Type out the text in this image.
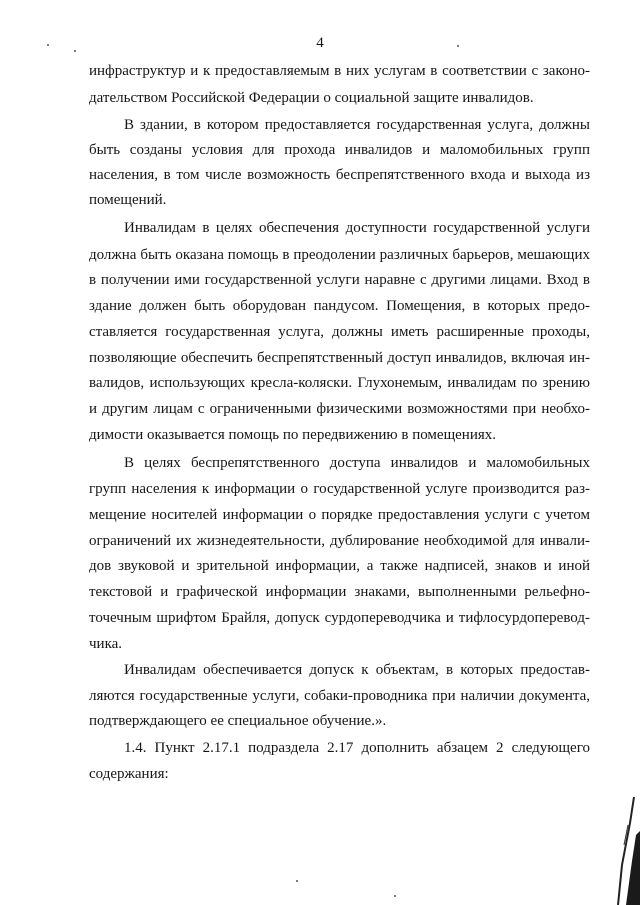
4
инфраструктур и к предоставляемым в них услугам в соответствии с законо-
дательством Российской Федерации о социальной защите инвалидов.
В здании, в котором предоставляется государственная услуга, должны
быть созданы условия для прохода инвалидов и маломобильных групп
населения, в том числе возможность беспрепятственного входа и выхода из
помещений.
Инвалидам в целях обеспечения доступности государственной услуги
должна быть оказана помощь в преодолении различных барьеров, мешающих
в получении ими государственной услуги наравне с другими лицами. Вход в
здание должен быть оборудован пандусом. Помещения, в которых предо-
ставляется государственная услуга, должны иметь расширенные проходы,
позволяющие обеспечить беспрепятственный доступ инвалидов, включая ин-
валидов, использующих кресла-коляски. Глухонемым, инвалидам по зрению
и другим лицам с ограниченными физическими возможностями при необхо-
димости оказывается помощь по передвижению в помещениях.
В целях беспрепятственного доступа инвалидов и маломобильных
групп населения к информации о государственной услуге производится раз-
мещение носителей информации о порядке предоставления услуги с учетом
ограничений их жизнедеятельности, дублирование необходимой для инвали-
дов звуковой и зрительной информации, а также надписей, знаков и иной
текстовой и графической информации знаками, выполненными рельефно-
точечным шрифтом Брайля, допуск сурдопереводчика и тифлосурдоперевод-
чика.
Инвалидам обеспечивается допуск к объектам, в которых предостав-
ляются государственные услуги, собаки-проводника при наличии документа,
подтверждающего ее специальное обучение.».
1.4. Пункт 2.17.1 подраздела 2.17 дополнить абзацем 2 следующего
содержания:
